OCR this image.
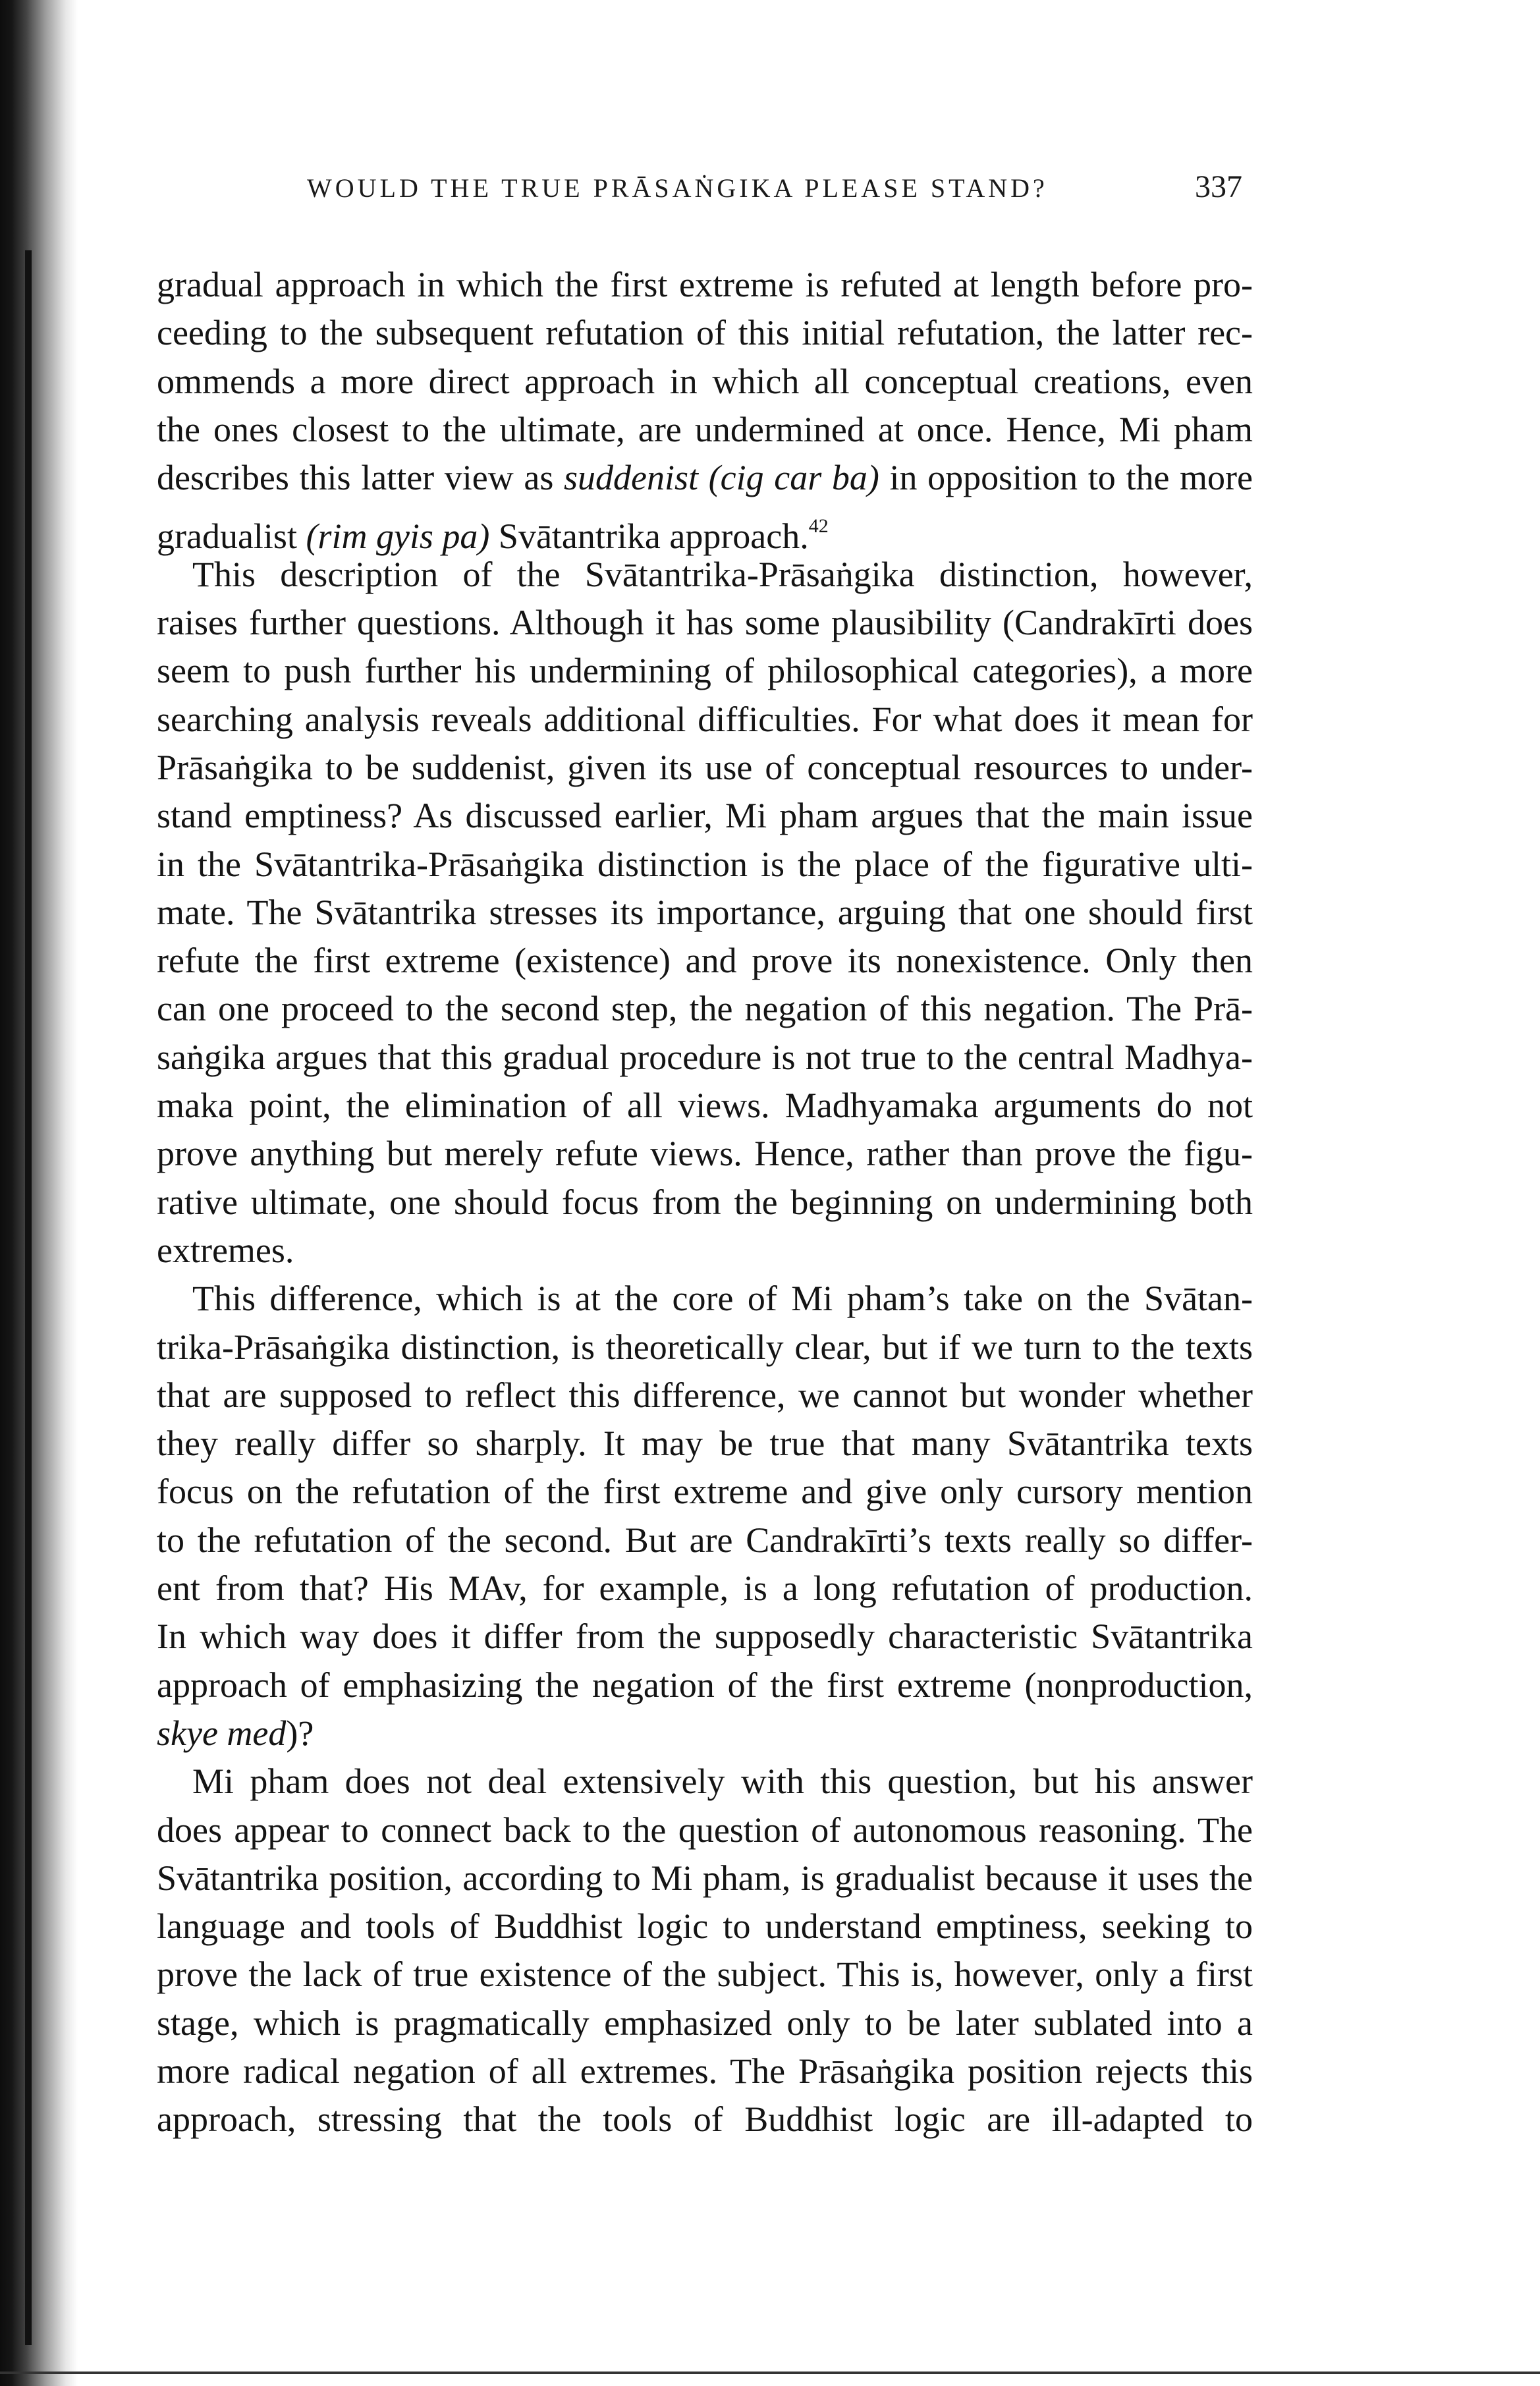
WOULD THE TRUE PRĀSAṄGIKA PLEASE STAND?	337
gradual approach in which the first extreme is refuted at length before pro-
ceeding to the subsequent refutation of this initial refutation, the latter rec-
ommends a more direct approach in which all conceptual creations, even
the ones closest to the ultimate, are undermined at once. Hence, Mi pham
describes this latter view as suddenist (cig car ba) in opposition to the more
gradualist (rim gyis pa) Svātantrika approach.$^{42}$
This description of the Svātantrika-Prāsaṅgika distinction, however,
raises further questions. Although it has some plausibility (Candrakīrti does
seem to push further his undermining of philosophical categories), a more
searching analysis reveals additional difficulties. For what does it mean for
Prāsaṅgika to be suddenist, given its use of conceptual resources to under-
stand emptiness? As discussed earlier, Mi pham argues that the main issue
in the Svātantrika-Prāsaṅgika distinction is the place of the figurative ulti-
mate. The Svātantrika stresses its importance, arguing that one should first
refute the first extreme (existence) and prove its nonexistence. Only then
can one proceed to the second step, the negation of this negation. The Prā-
saṅgika argues that this gradual procedure is not true to the central Madhya-
maka point, the elimination of all views. Madhyamaka arguments do not
prove anything but merely refute views. Hence, rather than prove the figu-
rative ultimate, one should focus from the beginning on undermining both
extremes.
This difference, which is at the core of Mi pham’s take on the Svātan-
trika-Prāsaṅgika distinction, is theoretically clear, but if we turn to the texts
that are supposed to reflect this difference, we cannot but wonder whether
they really differ so sharply. It may be true that many Svātantrika texts
focus on the refutation of the first extreme and give only cursory mention
to the refutation of the second. But are Candrakīrti’s texts really so differ-
ent from that? His MAv, for example, is a long refutation of production.
In which way does it differ from the supposedly characteristic Svātantrika
approach of emphasizing the negation of the first extreme (nonproduction,
skye med)?
Mi pham does not deal extensively with this question, but his answer
does appear to connect back to the question of autonomous reasoning. The
Svātantrika position, according to Mi pham, is gradualist because it uses the
language and tools of Buddhist logic to understand emptiness, seeking to
prove the lack of true existence of the subject. This is, however, only a first
stage, which is pragmatically emphasized only to be later sublated into a
more radical negation of all extremes. The Prāsaṅgika position rejects this
approach, stressing that the tools of Buddhist logic are ill-adapted to
